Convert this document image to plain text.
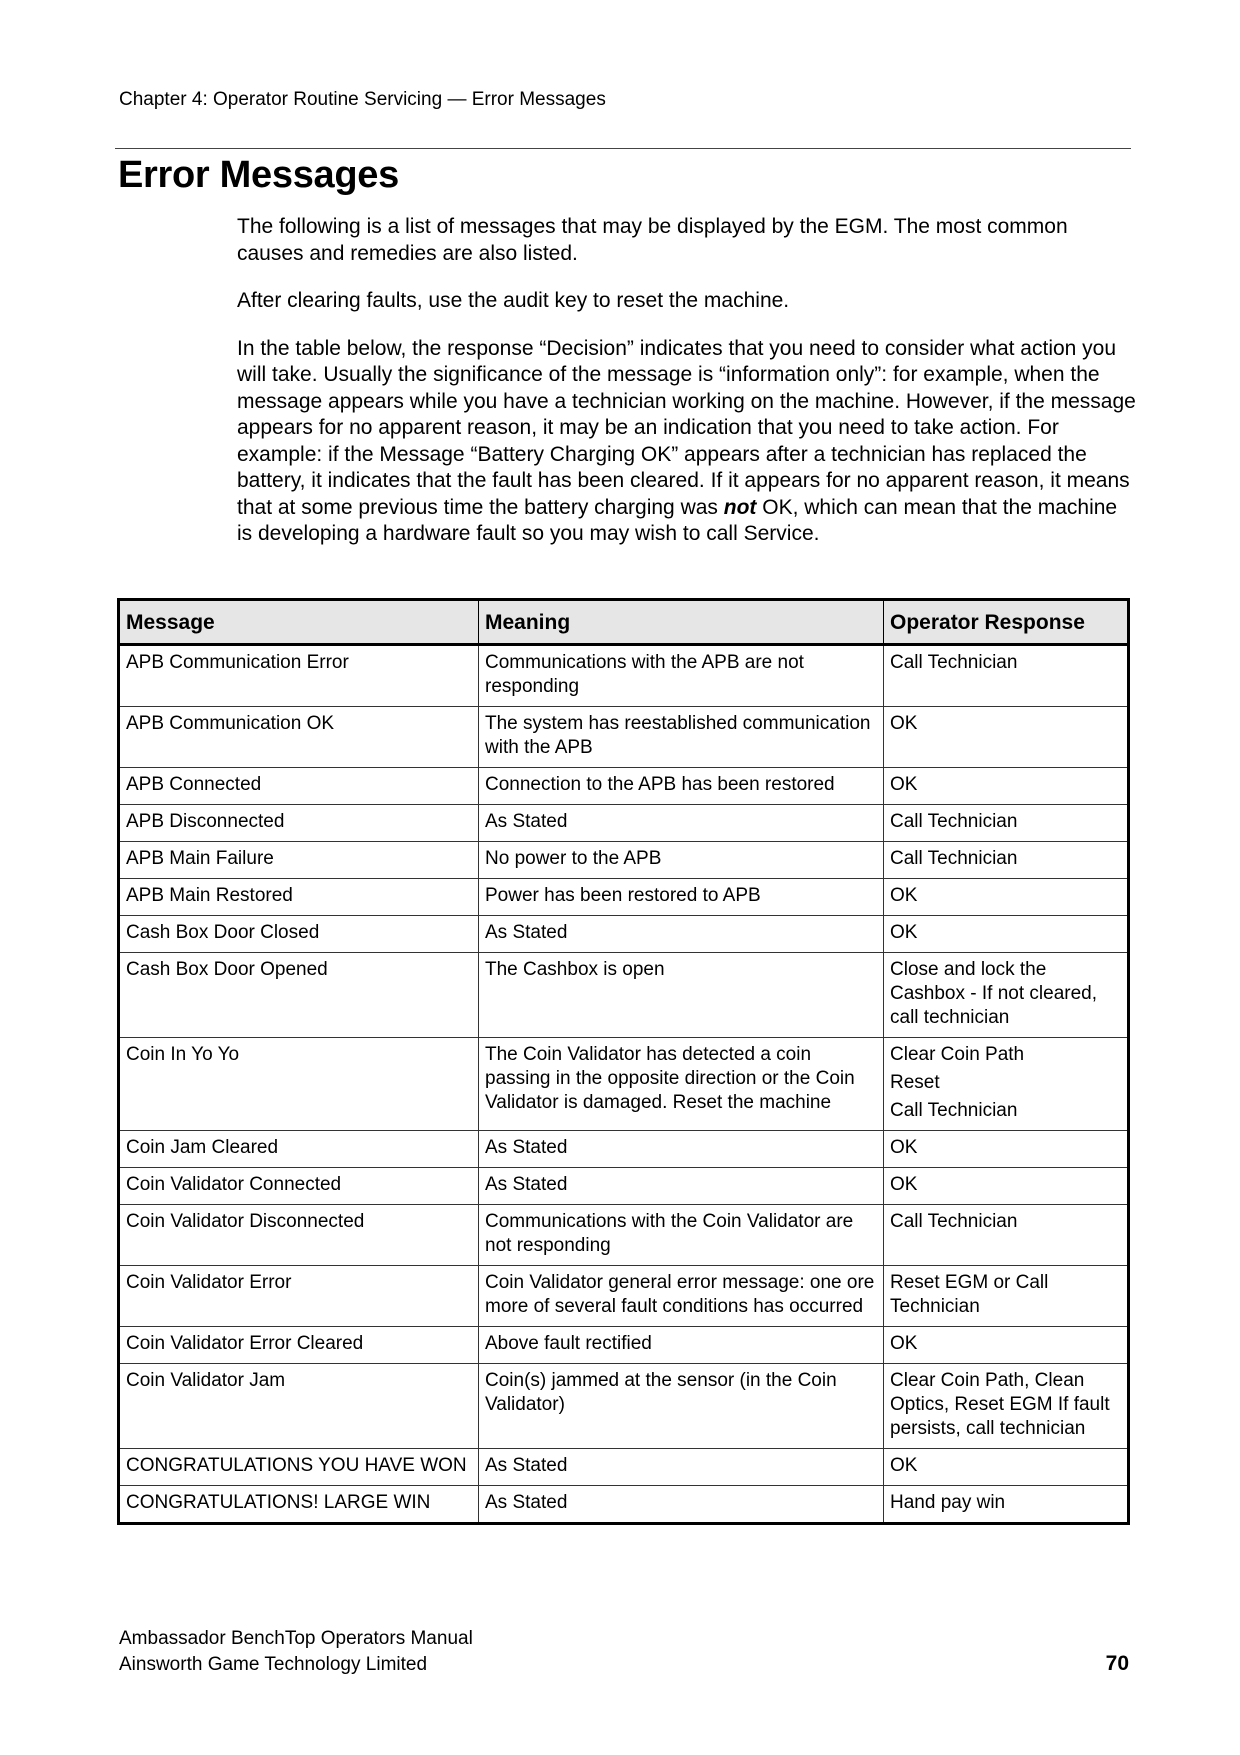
Chapter 4: Operator Routine Servicing — Error Messages
Error Messages

The following is a list of messages that may be displayed by the EGM. The most common causes and remedies are also listed.

After clearing faults, use the audit key to reset the machine.

In the table below, the response “Decision” indicates that you need to consider what action you will take. Usually the significance of the message is “information only”: for example, when the message appears while you have a technician working on the machine. However, if the message appears for no apparent reason, it may be an indication that you need to take action. For example: if the Message “Battery Charging OK” appears after a technician has replaced the battery, it indicates that the fault has been cleared. If it appears for no apparent reason, it means that at some previous time the battery charging was not OK, which can mean that the machine is developing a hardware fault so you may wish to call Service.

Message	Meaning	Operator Response
APB Communication Error	Communications with the APB are not responding	Call Technician

APB Communication OK	The system has reestablished communication with the APB	OK

APB Connected	Connection to the APB has been restored	OK

APB Disconnected	As Stated	Call Technician

APB Main Failure	No power to the APB	Call Technician

APB Main Restored	Power has been restored to APB	OK

Cash Box Door Closed	As Stated	OK

Cash Box Door Opened	The Cashbox is open	Close and lock the Cashbox - If not cleared, call technician

Coin In Yo Yo	The Coin Validator has detected a coin passing in the opposite direction or the Coin Validator is damaged. Reset the machine	Clear Coin Path
Reset
Call Technician

Coin Jam Cleared	As Stated	OK

Coin Validator Connected	As Stated	OK

Coin Validator Disconnected	Communications with the Coin Validator are not responding	Call Technician

Coin Validator Error	Coin Validator general error message: one ore more of several fault conditions has occurred	Reset EGM or Call Technician

Coin Validator Error Cleared	Above fault rectified	OK

Coin Validator Jam	Coin(s) jammed at the sensor (in the Coin Validator)	Clear Coin Path, Clean Optics, Reset EGM If fault persists, call technician

CONGRATULATIONS YOU HAVE WON	As Stated	OK

CONGRATULATIONS! LARGE WIN	As Stated	Hand pay win
Ambassador BenchTop Operators Manual
Ainsworth Game Technology Limited	70
